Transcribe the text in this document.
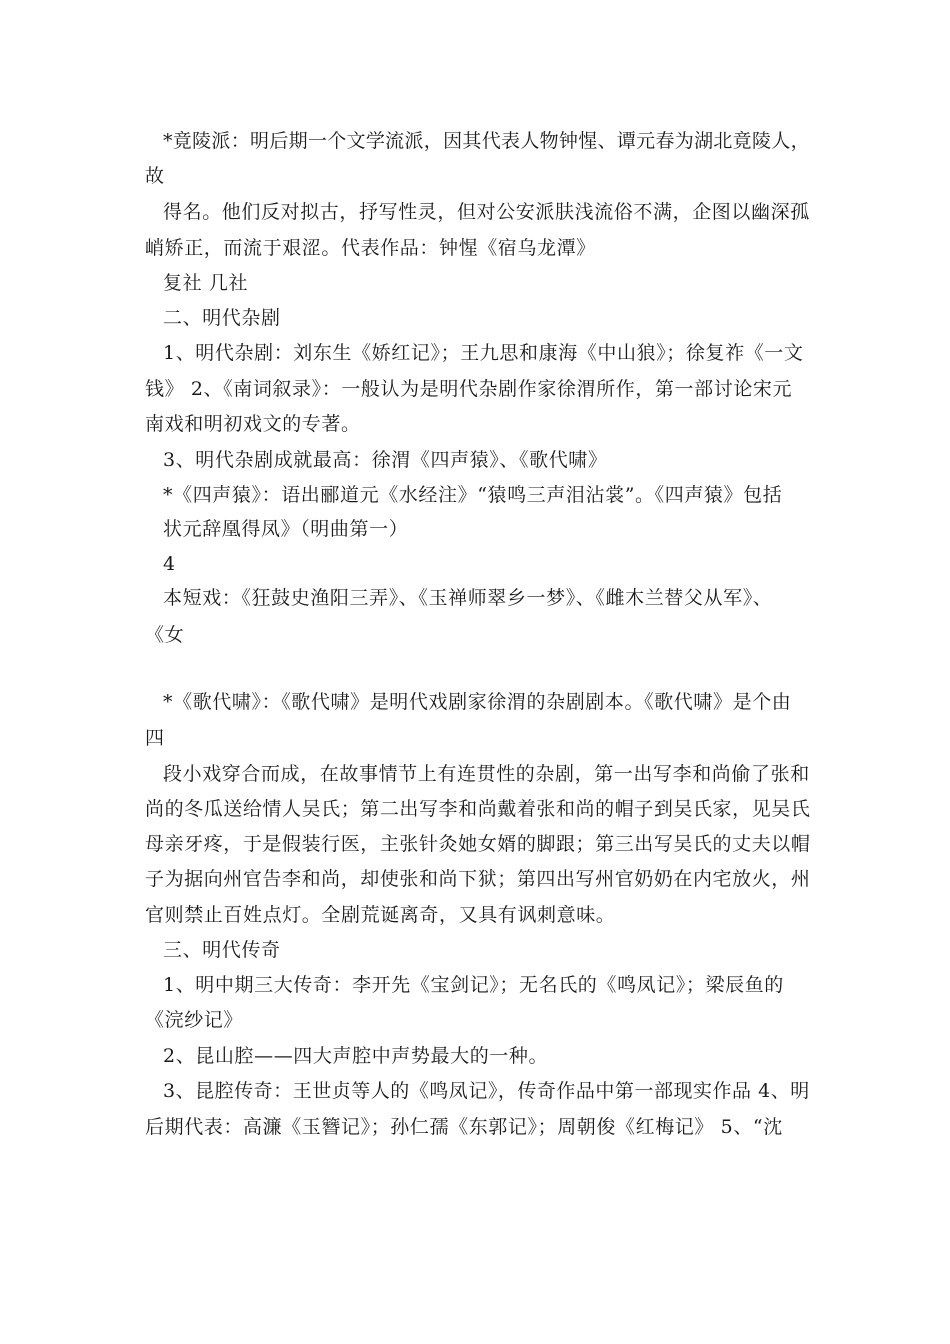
*竟陵派：明后期一个文学流派，因其代表人物钟惺、谭元春为湖北竟陵人，
故
得名。他们反对拟古，抒写性灵，但对公安派肤浅流俗不满，企图以幽深孤
峭矫正，而流于艰涩。代表作品：钟惺《宿乌龙潭》
复社 几社
二、明代杂剧
1、明代杂剧：刘东生《娇红记》；王九思和康海《中山狼》；徐复祚《一文
钱》 2、《南词叙录》：一般认为是明代杂剧作家徐渭所作，第一部讨论宋元
南戏和明初戏文的专著。
3、明代杂剧成就最高：徐渭《四声猿》、《歌代啸》
*《四声猿》：语出郦道元《水经注》“猿鸣三声泪沾裳”。《四声猿》包括
状元辞凰得凤》（明曲第一）
4
本短戏：《狂鼓史渔阳三弄》、《玉禅师翠乡一梦》、《雌木兰替父从军》、
《女
*《歌代啸》：《歌代啸》是明代戏剧家徐渭的杂剧剧本。《歌代啸》是个由
四
段小戏穿合而成，在故事情节上有连贯性的杂剧，第一出写李和尚偷了张和
尚的冬瓜送给情人吴氏；第二出写李和尚戴着张和尚的帽子到吴氏家，见吴氏
母亲牙疼，于是假装行医，主张针灸她女婿的脚跟；第三出写吴氏的丈夫以帽
子为据向州官告李和尚，却使张和尚下狱；第四出写州官奶奶在内宅放火，州
官则禁止百姓点灯。全剧荒诞离奇，又具有讽刺意味。
三、明代传奇
1、明中期三大传奇：李开先《宝剑记》；无名氏的《鸣凤记》；梁辰鱼的
《浣纱记》
2、昆山腔——四大声腔中声势最大的一种。
3、昆腔传奇：王世贞等人的《鸣凤记》，传奇作品中第一部现实作品 4、明
后期代表：高濂《玉簪记》；孙仁孺《东郭记》；周朝俊《红梅记》 5、“沈
